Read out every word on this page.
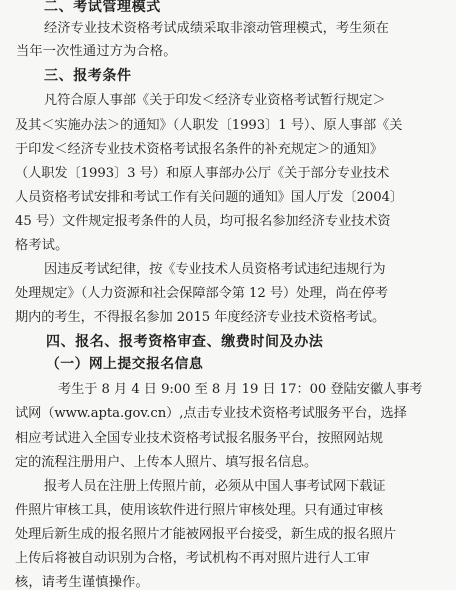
二、考试管理模式
经济专业技术资格考试成绩采取非滚动管理模式，考生须在
当年一次性通过方为合格。
三、报考条件
凡符合原人事部《关于印发＜经济专业资格考试暂行规定＞
及其＜实施办法＞的通知》（人职发〔1993〕1 号）、原人事部《关
于印发＜经济专业技术资格考试报名条件的补充规定＞的通知》
（人职发〔1993〕3 号）和原人事部办公厅《关于部分专业技术
人员资格考试安排和考试工作有关问题的通知》国人厅发〔2004〕
45 号）文件规定报考条件的人员，均可报名参加经济专业技术资
格考试。
因违反考试纪律，按《专业技术人员资格考试违纪违规行为
处理规定》（人力资源和社会保障部令第 12 号）处理，尚在停考
期内的考生，不得报名参加 2015 年度经济专业技术资格考试。
四、报名、报考资格审查、缴费时间及办法
（一）网上提交报名信息
考生于 8 月 4 日 9:00 至 8 月 19 日 17：00 登陆安徽人事考
试网（www.apta.gov.cn）,点击专业技术资格考试服务平台，选择
相应考试进入全国专业技术资格考试报名服务平台，按照网站规
定的流程注册用户、上传本人照片、填写报名信息。
报考人员在注册上传照片前，必须从中国人事考试网下载证
件照片审核工具，使用该软件进行照片审核处理。只有通过审核
处理后新生成的报名照片才能被网报平台接受，新生成的报名照片
上传后将被自动识别为合格，考试机构不再对照片进行人工审
核，请考生谨慎操作。
